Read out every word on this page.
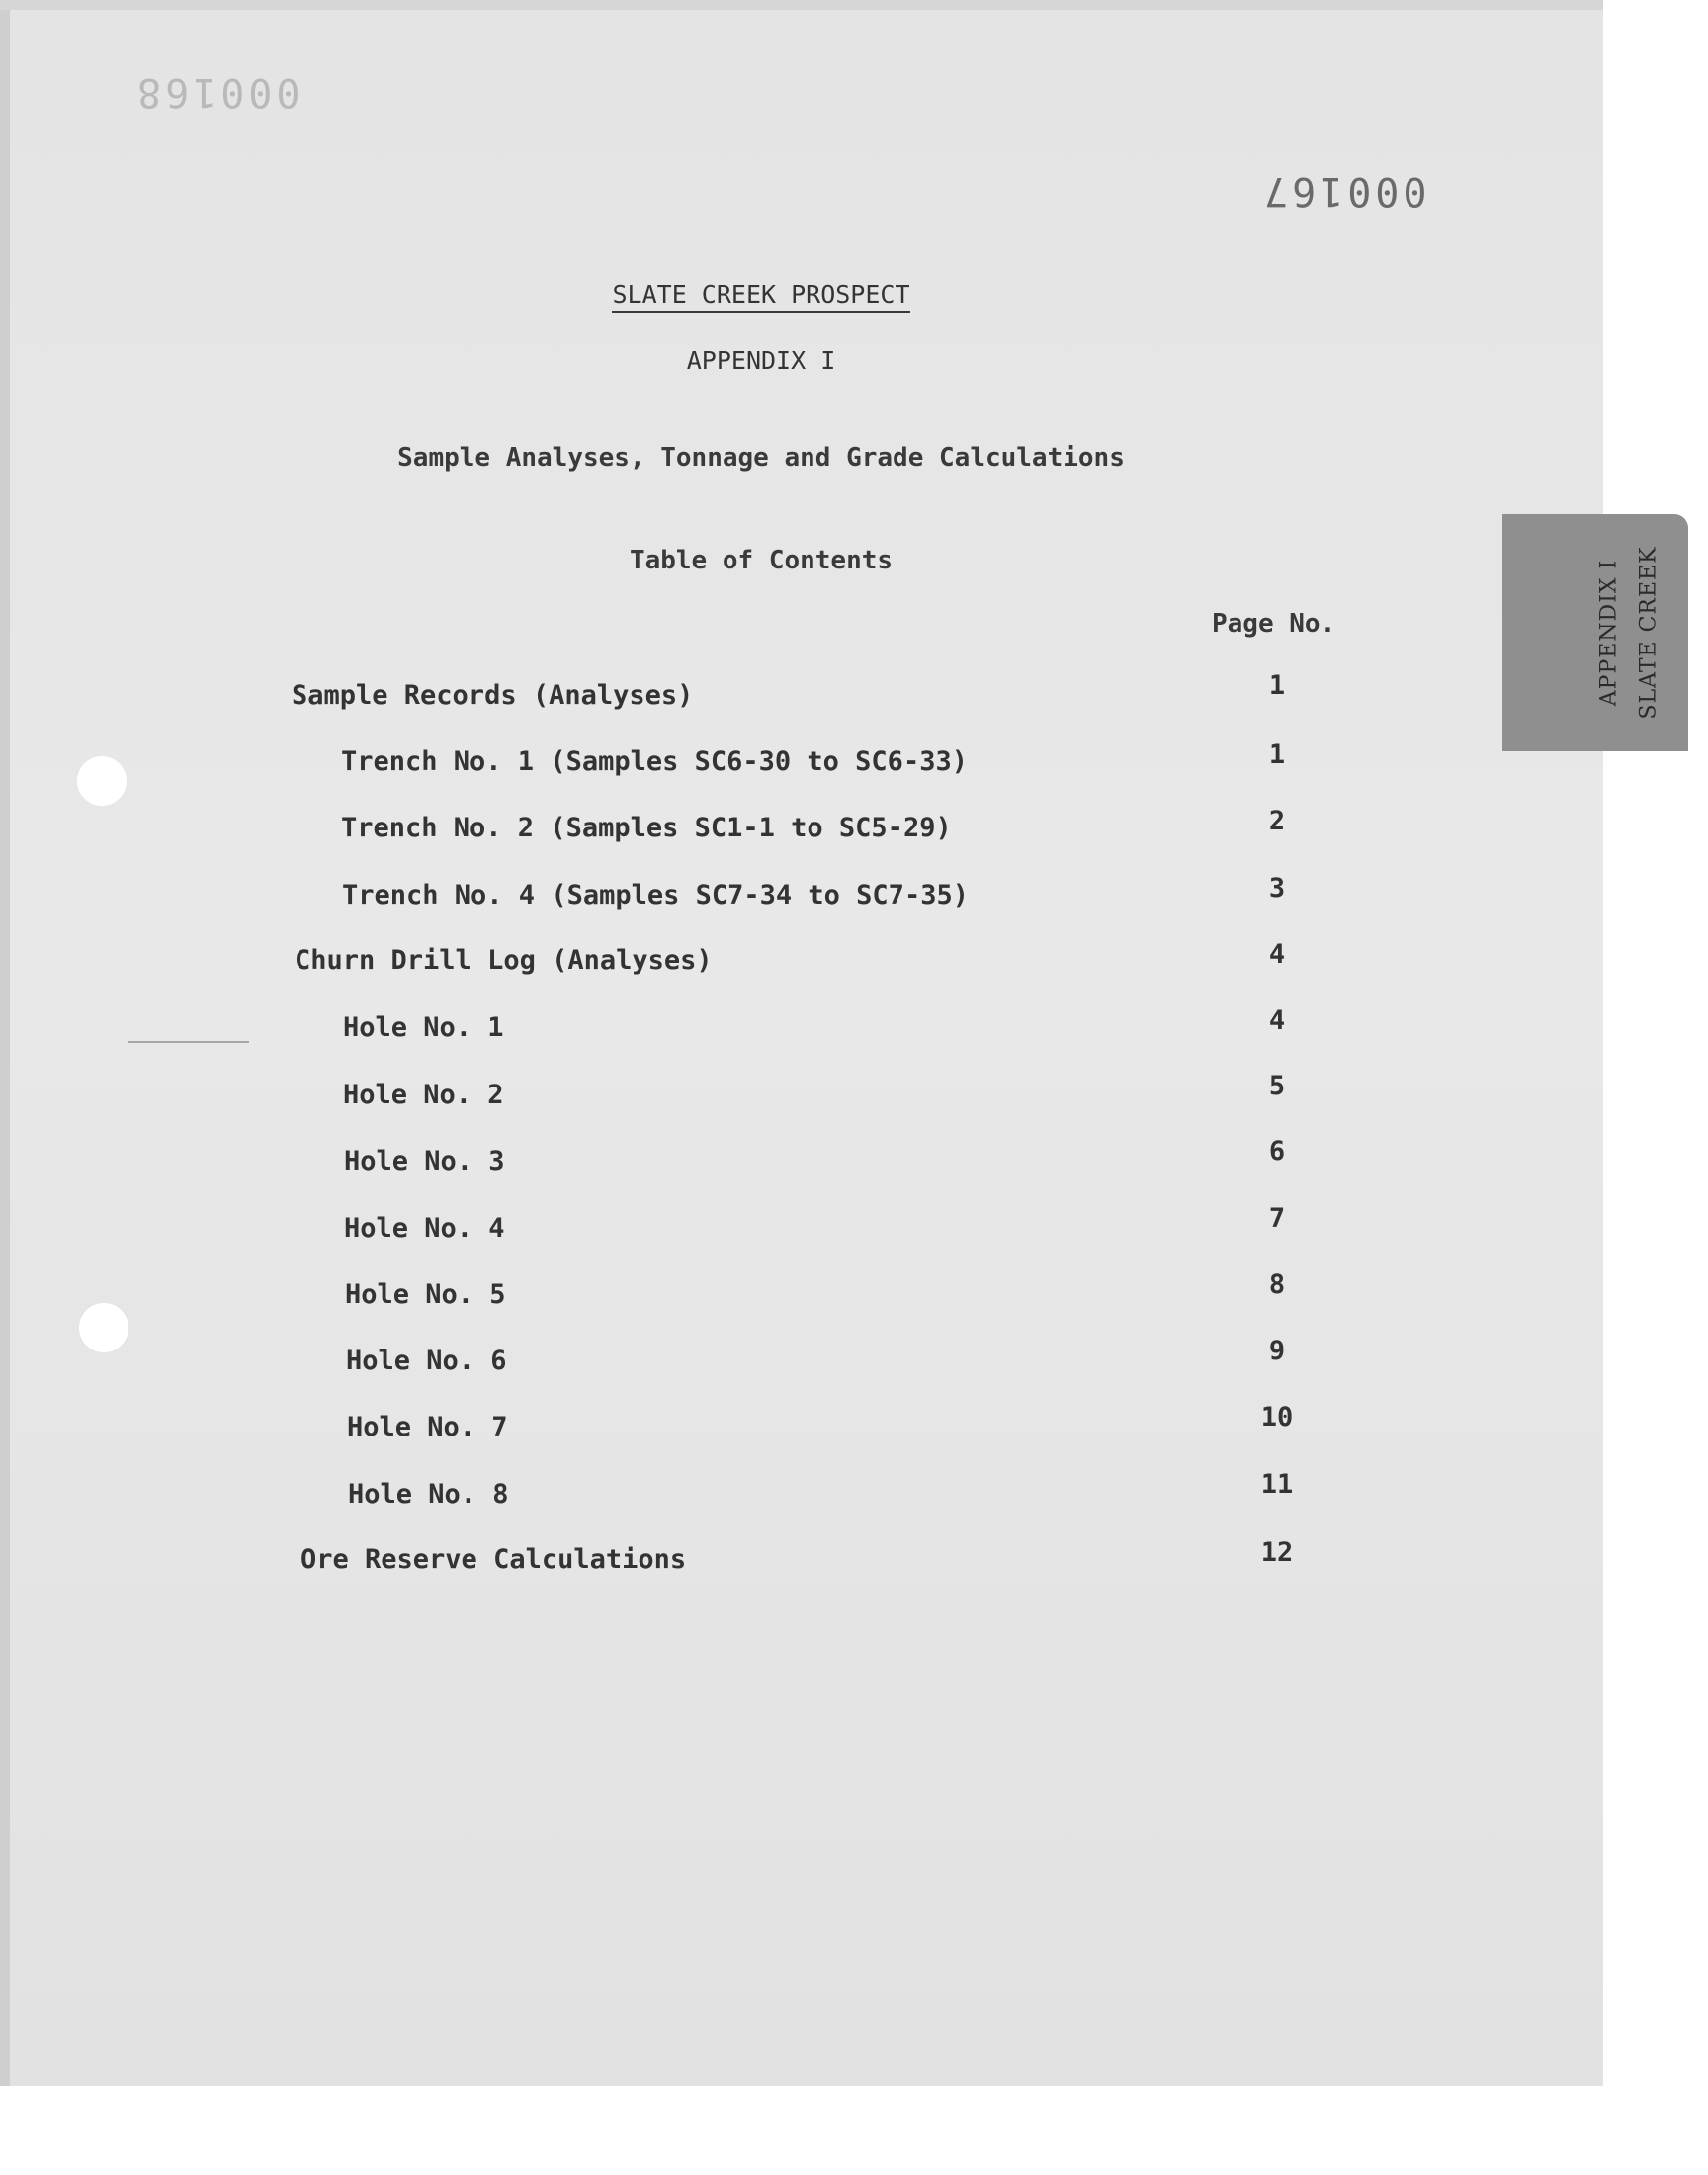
000168
000167
APPENDIX I SLATE CREEK
SLATE CREEK PROSPECT
APPENDIX I
Sample Analyses, Tonnage and Grade Calculations
Table of Contents
Page No.
Sample Records (Analyses)	1
Trench No. 1 (Samples SC6-30 to SC6-33)	1
Trench No. 2 (Samples SC1-1 to SC5-29)	2
Trench No. 4 (Samples SC7-34 to SC7-35)	3
Churn Drill Log (Analyses)	4
Hole No. 1	4
Hole No. 2	5
Hole No. 3	6
Hole No. 4	7
Hole No. 5	8
Hole No. 6	9
Hole No. 7	10
Hole No. 8	11
Ore Reserve Calculations	12
